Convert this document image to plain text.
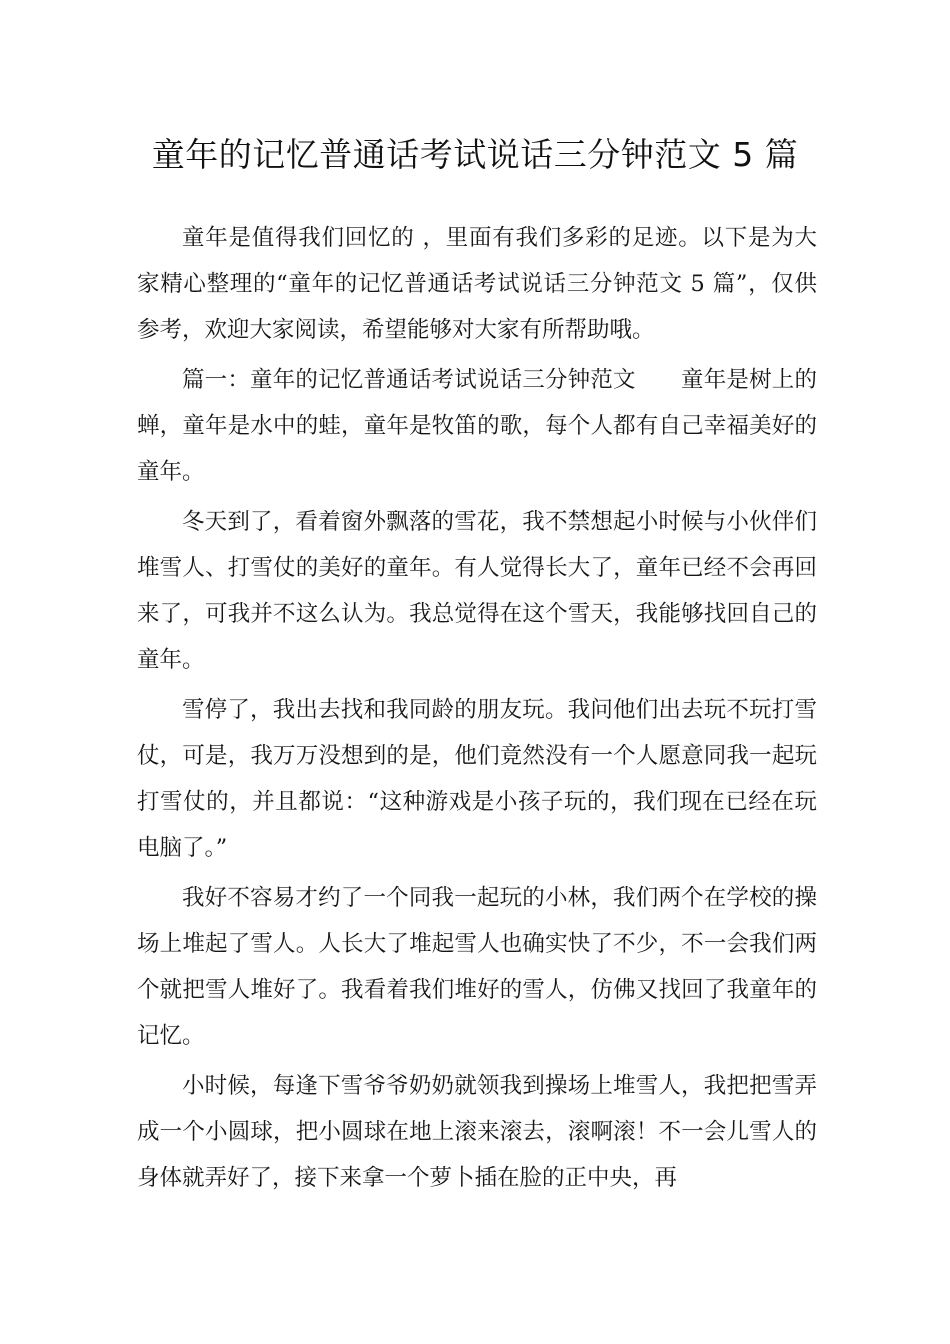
童年的记忆普通话考试说话三分钟范文 5 篇

童年是值得我们回忆的 ，里面有我们多彩的足迹。以下是为大家精心整理的“童年的记忆普通话考试说话三分钟范文 5 篇”，仅供参考，欢迎大家阅读，希望能够对大家有所帮助哦。

篇一：童年的记忆普通话考试说话三分钟范文　　童年是树上的蝉，童年是水中的蛙，童年是牧笛的歌，每个人都有自己幸福美好的童年。

冬天到了，看着窗外飘落的雪花，我不禁想起小时候与小伙伴们堆雪人、打雪仗的美好的童年。有人觉得长大了，童年已经不会再回来了，可我并不这么认为。我总觉得在这个雪天，我能够找回自己的童年。

雪停了，我出去找和我同龄的朋友玩。我问他们出去玩不玩打雪仗，可是，我万万没想到的是，他们竟然没有一个人愿意同我一起玩打雪仗的，并且都说：“这种游戏是小孩子玩的，我们现在已经在玩电脑了。”

我好不容易才约了一个同我一起玩的小林，我们两个在学校的操场上堆起了雪人。人长大了堆起雪人也确实快了不少，不一会我们两个就把雪人堆好了。我看着我们堆好的雪人，仿佛又找回了我童年的记忆。

小时候，每逢下雪爷爷奶奶就领我到操场上堆雪人，我把把雪弄成一个小圆球，把小圆球在地上滚来滚去，滚啊滚！不一会儿雪人的身体就弄好了，接下来拿一个萝卜插在脸的正中央，再
